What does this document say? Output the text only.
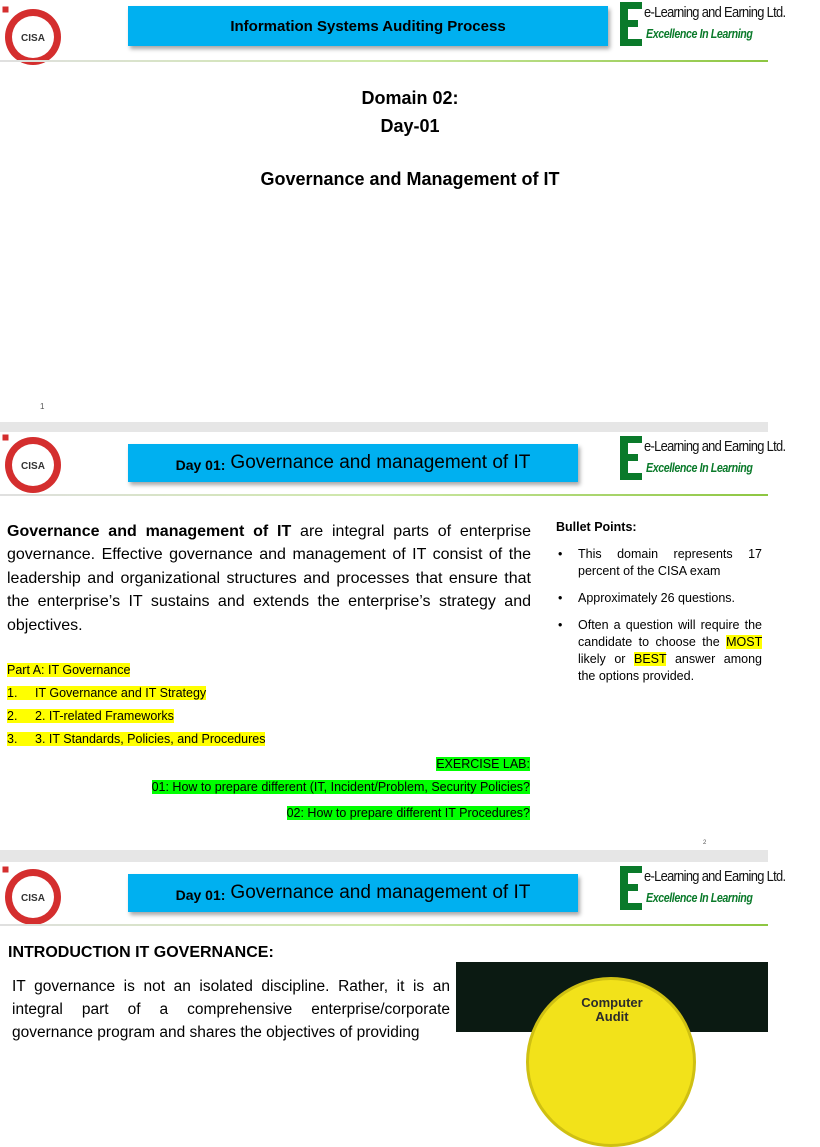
CISA
Information Systems Auditing Process
e-Learning and Earning Ltd.
Excellence In Learning
Domain 02:
Day-01
Governance and Management of IT
1
CISA	Day 01: Governance and management of IT
e-Learning and Earning Ltd.
Excellence In Learning

Governance and management of IT are integral parts of enterprise governance. Effective governance and management of IT consist of the leadership and organizational structures and processes that ensure that the enterprise’s IT sustains and extends the enterprise’s strategy and objectives.

Part A: IT Governance
1. IT Governance and IT Strategy
2. 2. IT-related Frameworks
3. 3. IT Standards, Policies, and Procedures
EXERCISE LAB:
01: How to prepare different (IT, Incident/Problem, Security Policies?
02: How to prepare different IT Procedures?
Bullet Points:
• This domain represents 17 percent of the CISA exam
• Approximately 26 questions.
• Often a question will require the candidate to choose the MOST likely or BEST answer among the options provided.
2
CISA	Day 01: Governance and management of IT
e-Learning and Earning Ltd.
Excellence In Learning
INTRODUCTION IT GOVERNANCE:

IT governance is not an isolated discipline. Rather, it is an integral part of a comprehensive enterprise/corporate governance program and shares the objectives of providing

Computer
Audit
